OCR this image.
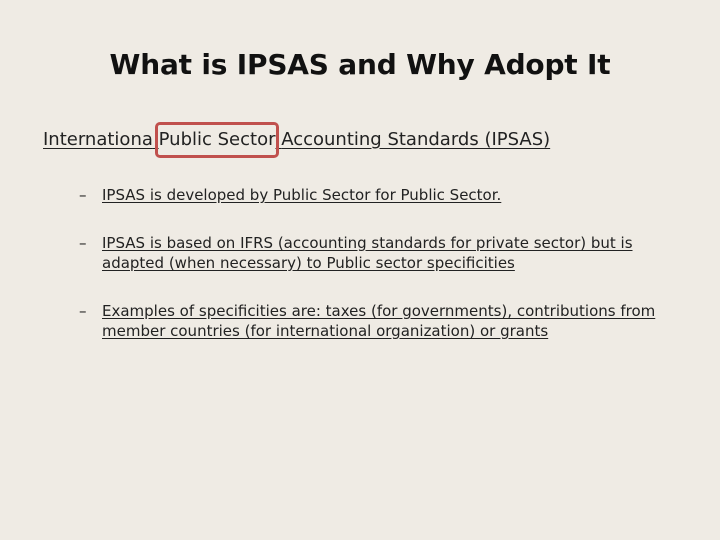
What is IPSAS and Why Adopt It
Internationa Public Sector Accounting Standards (IPSAS)
– IPSAS is developed by Public Sector for Public Sector.
– IPSAS is based on IFRS (accounting standards for private sector) but is adapted (when necessary) to Public sector specificities
– Examples of specificities are: taxes (for governments), contributions from member countries (for international organization) or grants
